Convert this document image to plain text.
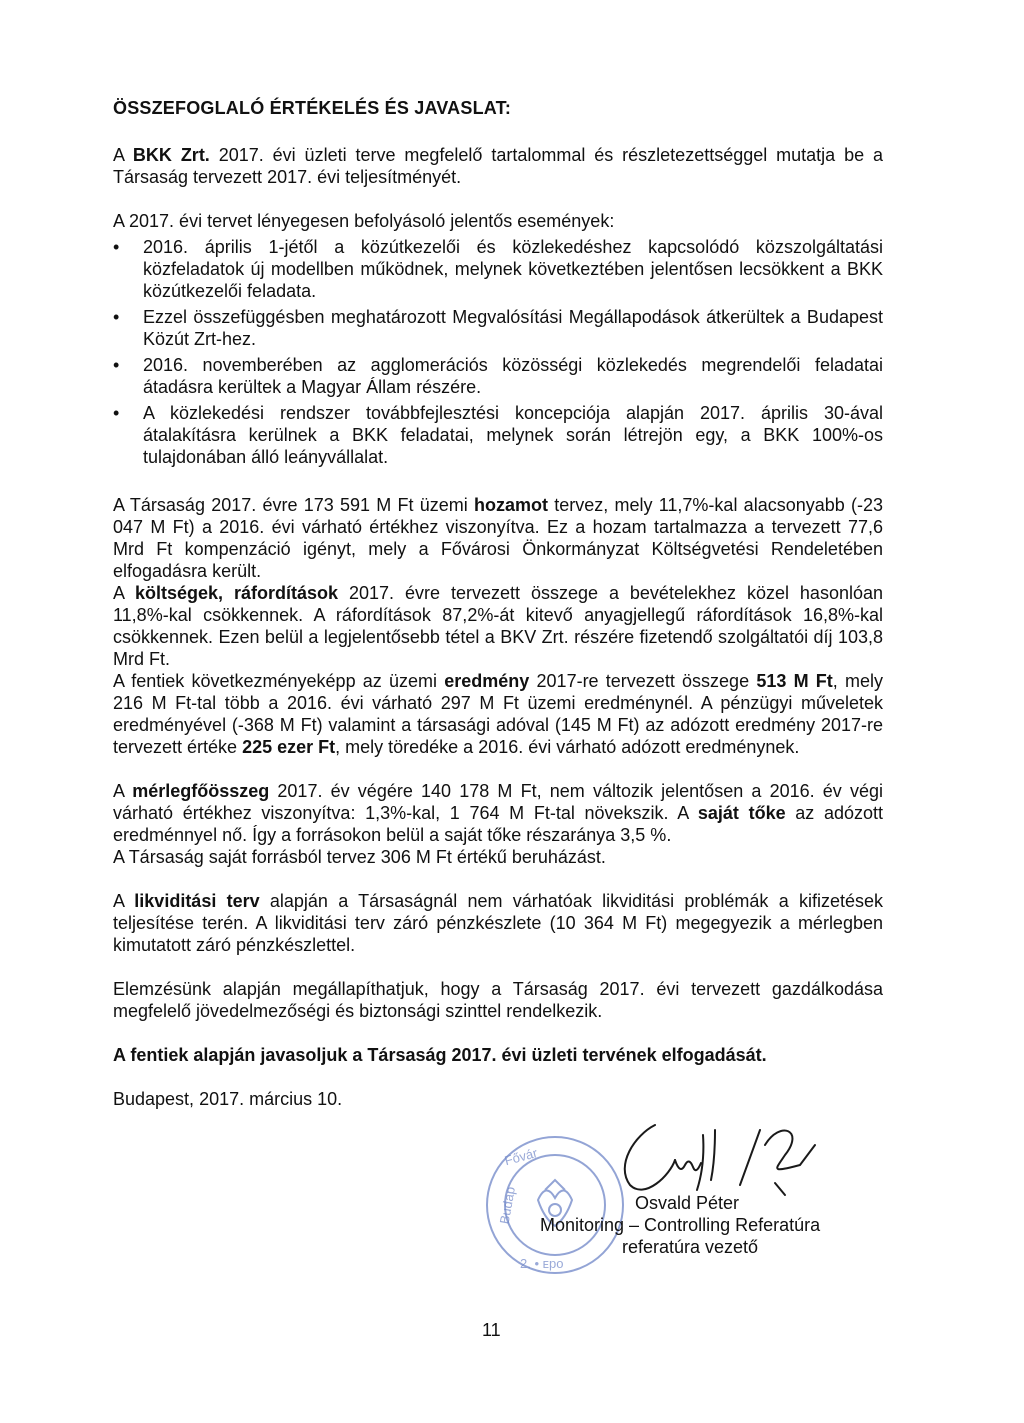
ÖSSZEFOGLALÓ ÉRTÉKELÉS ÉS JAVASLAT:

A BKK Zrt. 2017. évi üzleti terve megfelelő tartalommal és részletezettséggel mutatja be a Társaság tervezett 2017. évi teljesítményét.

A 2017. évi tervet lényegesen befolyásoló jelentős események:

• 2016. április 1-jétől a közútkezelői és közlekedéshez kapcsolódó közszolgáltatási közfeladatok új modellben működnek, melynek következtében jelentősen lecsökkent a BKK közútkezelői feladata.
• Ezzel összefüggésben meghatározott Megvalósítási Megállapodások átkerültek a Budapest Közút Zrt-hez.
• 2016. novemberében az agglomerációs közösségi közlekedés megrendelői feladatai átadásra kerültek a Magyar Állam részére.
• A közlekedési rendszer továbbfejlesztési koncepciója alapján 2017. április 30-ával átalakításra kerülnek a BKK feladatai, melynek során létrejön egy, a BKK 100%-os tulajdonában álló leányvállalat.

A Társaság 2017. évre 173 591 M Ft üzemi hozamot tervez, mely 11,7%-kal alacsonyabb (-23 047 M Ft) a 2016. évi várható értékhez viszonyítva. Ez a hozam tartalmazza a tervezett 77,6 Mrd Ft kompenzáció igényt, mely a Fővárosi Önkormányzat Költségvetési Rendeletében elfogadásra került.

A költségek, ráfordítások 2017. évre tervezett összege a bevételekhez közel hasonlóan 11,8%-kal csökkennek. A ráfordítások 87,2%-át kitevő anyagjellegű ráfordítások 16,8%-kal csökkennek. Ezen belül a legjelentősebb tétel a BKV Zrt. részére fizetendő szolgáltatói díj 103,8 Mrd Ft.

A fentiek következményeképp az üzemi eredmény 2017-re tervezett összege 513 M Ft, mely 216 M Ft-tal több a 2016. évi várható 297 M Ft üzemi eredménynél. A pénzügyi műveletek eredményével (-368 M Ft) valamint a társasági adóval (145 M Ft) az adózott eredmény 2017-re tervezett értéke 225 ezer Ft, mely töredéke a 2016. évi várható adózott eredménynek.

A mérlegfőösszeg 2017. év végére 140 178 M Ft, nem változik jelentősen a 2016. év végi várható értékhez viszonyítva: 1,3%-kal, 1 764 M Ft-tal növekszik. A saját tőke az adózott eredménnyel nő. Így a forrásokon belül a saját tőke részaránya 3,5 %.

A Társaság saját forrásból tervez 306 M Ft értékű beruházást.

A likviditási terv alapján a Társaságnál nem várhatóak likviditási problémák a kifizetések teljesítése terén. A likviditási terv záró pénzkészlete (10 364 M Ft) megegyezik a mérlegben kimutatott záró pénzkészlettel.

Elemzésünk alapján megállapíthatjuk, hogy a Társaság 2017. évi tervezett gazdálkodása megfelelő jövedelmezőségi és biztonsági szinttel rendelkezik.

A fentiek alapján javasoljuk a Társaság 2017. évi üzleti tervének elfogadását.

Budapest, 2017. március 10.

Fővár
Budap
2. • ᴇpo
Osvald Péter
Monitoring – Controlling Referatúra
referatúra vezető
11
